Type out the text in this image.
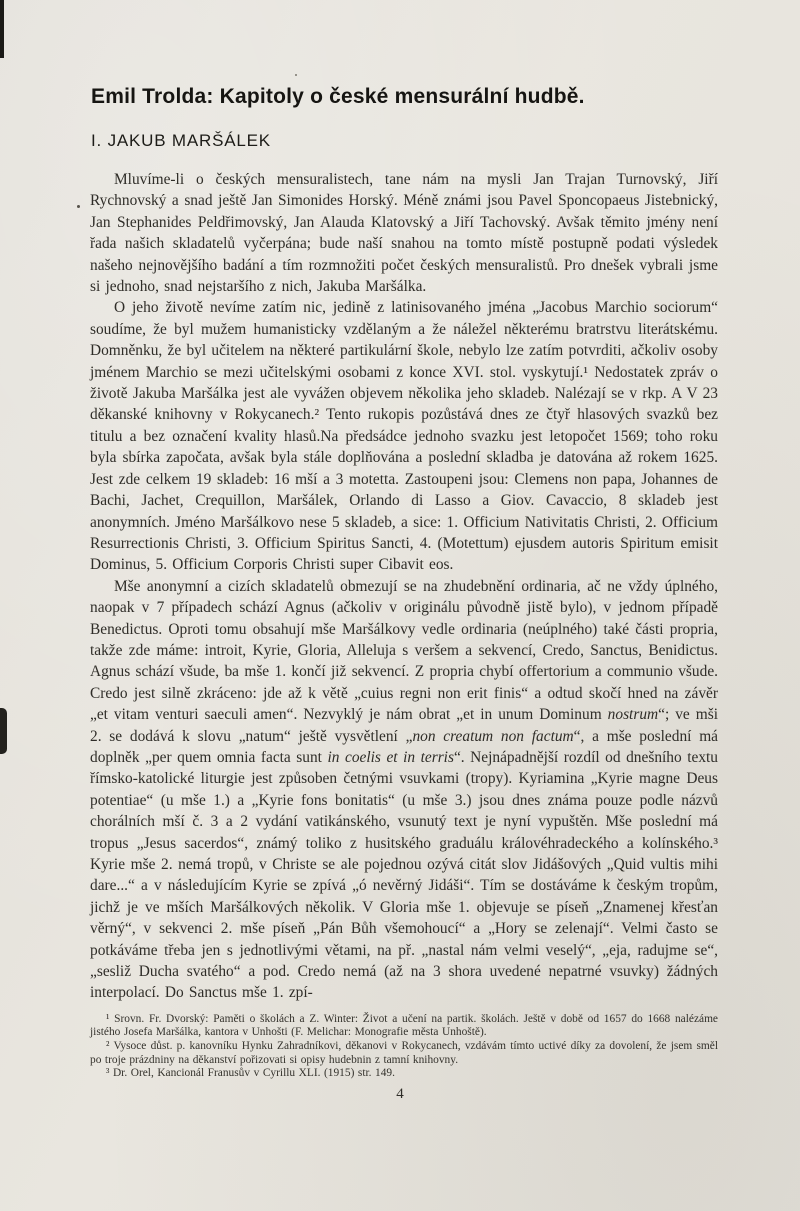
Emil Trolda: Kapitoly o české mensurální hudbě.
I. JAKUB MARŠÁLEK

Mluvíme-li o českých mensuralistech, tane nám na mysli Jan Trajan Turnovský, Jiří Rychnovský a snad ještě Jan Simonides Horský. Méně známi jsou Pavel Sponcopaeus Jistebnický, Jan Stephanides Peldřimovský, Jan Alauda Klatovský a Jiří Tachovský. Avšak těmito jmény není řada našich skladatelů vyčerpána; bude naší snahou na tomto místě postupně podati výsledek našeho nejnovějšího badání a tím rozmnožiti počet českých mensuralistů. Pro dnešek vybrali jsme si jednoho, snad nejstaršího z nich, Jakuba Maršálka.

O jeho životě nevíme zatím nic, jedině z latinisovaného jména „Jacobus Marchio sociorum“ soudíme, že byl mužem humanisticky vzdělaným a že náležel některému bratrstvu literátskému. Domněnku, že byl učitelem na některé partikulární škole, nebylo lze zatím potvrditi, ačkoliv osoby jménem Marchio se mezi učitelskými osobami z konce XVI. stol. vyskytují.¹ Nedostatek zpráv o životě Jakuba Maršálka jest ale vyvážen objevem několika jeho skladeb. Nalézají se v rkp. A V 23 děkanské knihovny v Rokycanech.² Tento rukopis pozůstává dnes ze čtyř hlasových svazků bez titulu a bez označení kvality hlasů.Na předsádce jednoho svazku jest letopočet 1569; toho roku byla sbírka započata, avšak byla stále doplňována a poslední skladba je datována až rokem 1625. Jest zde celkem 19 skladeb: 16 mší a 3 motetta. Zastoupeni jsou: Clemens non papa, Johannes de Bachi, Jachet, Crequillon, Maršálek, Orlando di Lasso a Giov. Cavaccio, 8 skladeb jest anonymních. Jméno Maršálkovo nese 5 skladeb, a sice: 1. Officium Nativitatis Christi, 2. Officium Resurrectionis Christi, 3. Officium Spiritus Sancti, 4. (Motettum) ejusdem autoris Spiritum emisit Dominus, 5. Officium Corporis Christi super Cibavit eos.

Mše anonymní a cizích skladatelů obmezují se na zhudebnění ordinaria, ač ne vždy úplného, naopak v 7 případech schází Agnus (ačkoliv v originálu původně jistě bylo), v jednom případě Benedictus. Oproti tomu obsahují mše Maršálkovy vedle ordinaria (neúplného) také části propria, takže zde máme: introit, Kyrie, Gloria, Alleluja s veršem a sekvencí, Credo, Sanctus, Benidictus. Agnus schází všude, ba mše 1. končí již sekvencí. Z propria chybí offertorium a communio všude. Credo jest silně zkráceno: jde až k větě „cuius regni non erit finis“ a odtud skočí hned na závěr „et vitam venturi saeculi amen“. Nezvyklý je nám obrat „et in unum Dominum nostrum“; ve mši 2. se dodává k slovu „natum“ ještě vysvětlení „non creatum non factum“, a mše poslední má doplněk „per quem omnia facta sunt in coelis et in terris“. Nejnápadnější rozdíl od dnešního textu římsko-katolické liturgie jest způsoben četnými vsuvkami (tropy). Kyriamina „Kyrie magne Deus potentiae“ (u mše 1.) a „Kyrie fons bonitatis“ (u mše 3.) jsou dnes známa pouze podle názvů chorálních mší č. 3 a 2 vydání vatikánského, vsunutý text je nyní vypuštěn. Mše poslední má tropus „Jesus sacerdos“, známý toliko z husitského graduálu královéhradeckého a kolínského.³ Kyrie mše 2. nemá tropů, v Christe se ale pojednou ozývá citát slov Jidášových „Quid vultis mihi dare...“ a v následujícím Kyrie se zpívá „ó nevěrný Jidáši“. Tím se dostáváme k českým tropům, jichž je ve mších Maršálkových několik. V Gloria mše 1. objevuje se píseň „Znamenej křesťan věrný“, v sekvenci 2. mše píseň „Pán Bůh všemohoucí“ a „Hory se zelenají“. Velmi často se potkáváme třeba jen s jednotlivými větami, na př. „nastal nám velmi veselý“, „eja, radujme se“, „sesliž Ducha svatého“ a pod. Credo nemá (až na 3 shora uvedené nepatrné vsuvky) žádných interpolací. Do Sanctus mše 1. zpí-

¹ Srovn. Fr. Dvorský: Paměti o školách a Z. Winter: Život a učení na partik. školách. Ještě v době od 1657 do 1668 nalézáme jistého Josefa Maršálka, kantora v Unhošti (F. Melichar: Monografie města Unhoště).

² Vysoce důst. p. kanovníku Hynku Zahradníkovi, děkanovi v Rokycanech, vzdávám tímto uctivé díky za dovolení, že jsem směl po troje prázdniny na děkanství pořizovati si opisy hudebnin z tamní knihovny.

³ Dr. Orel, Kancionál Franusův v Cyrillu XLI. (1915) str. 149.

4
